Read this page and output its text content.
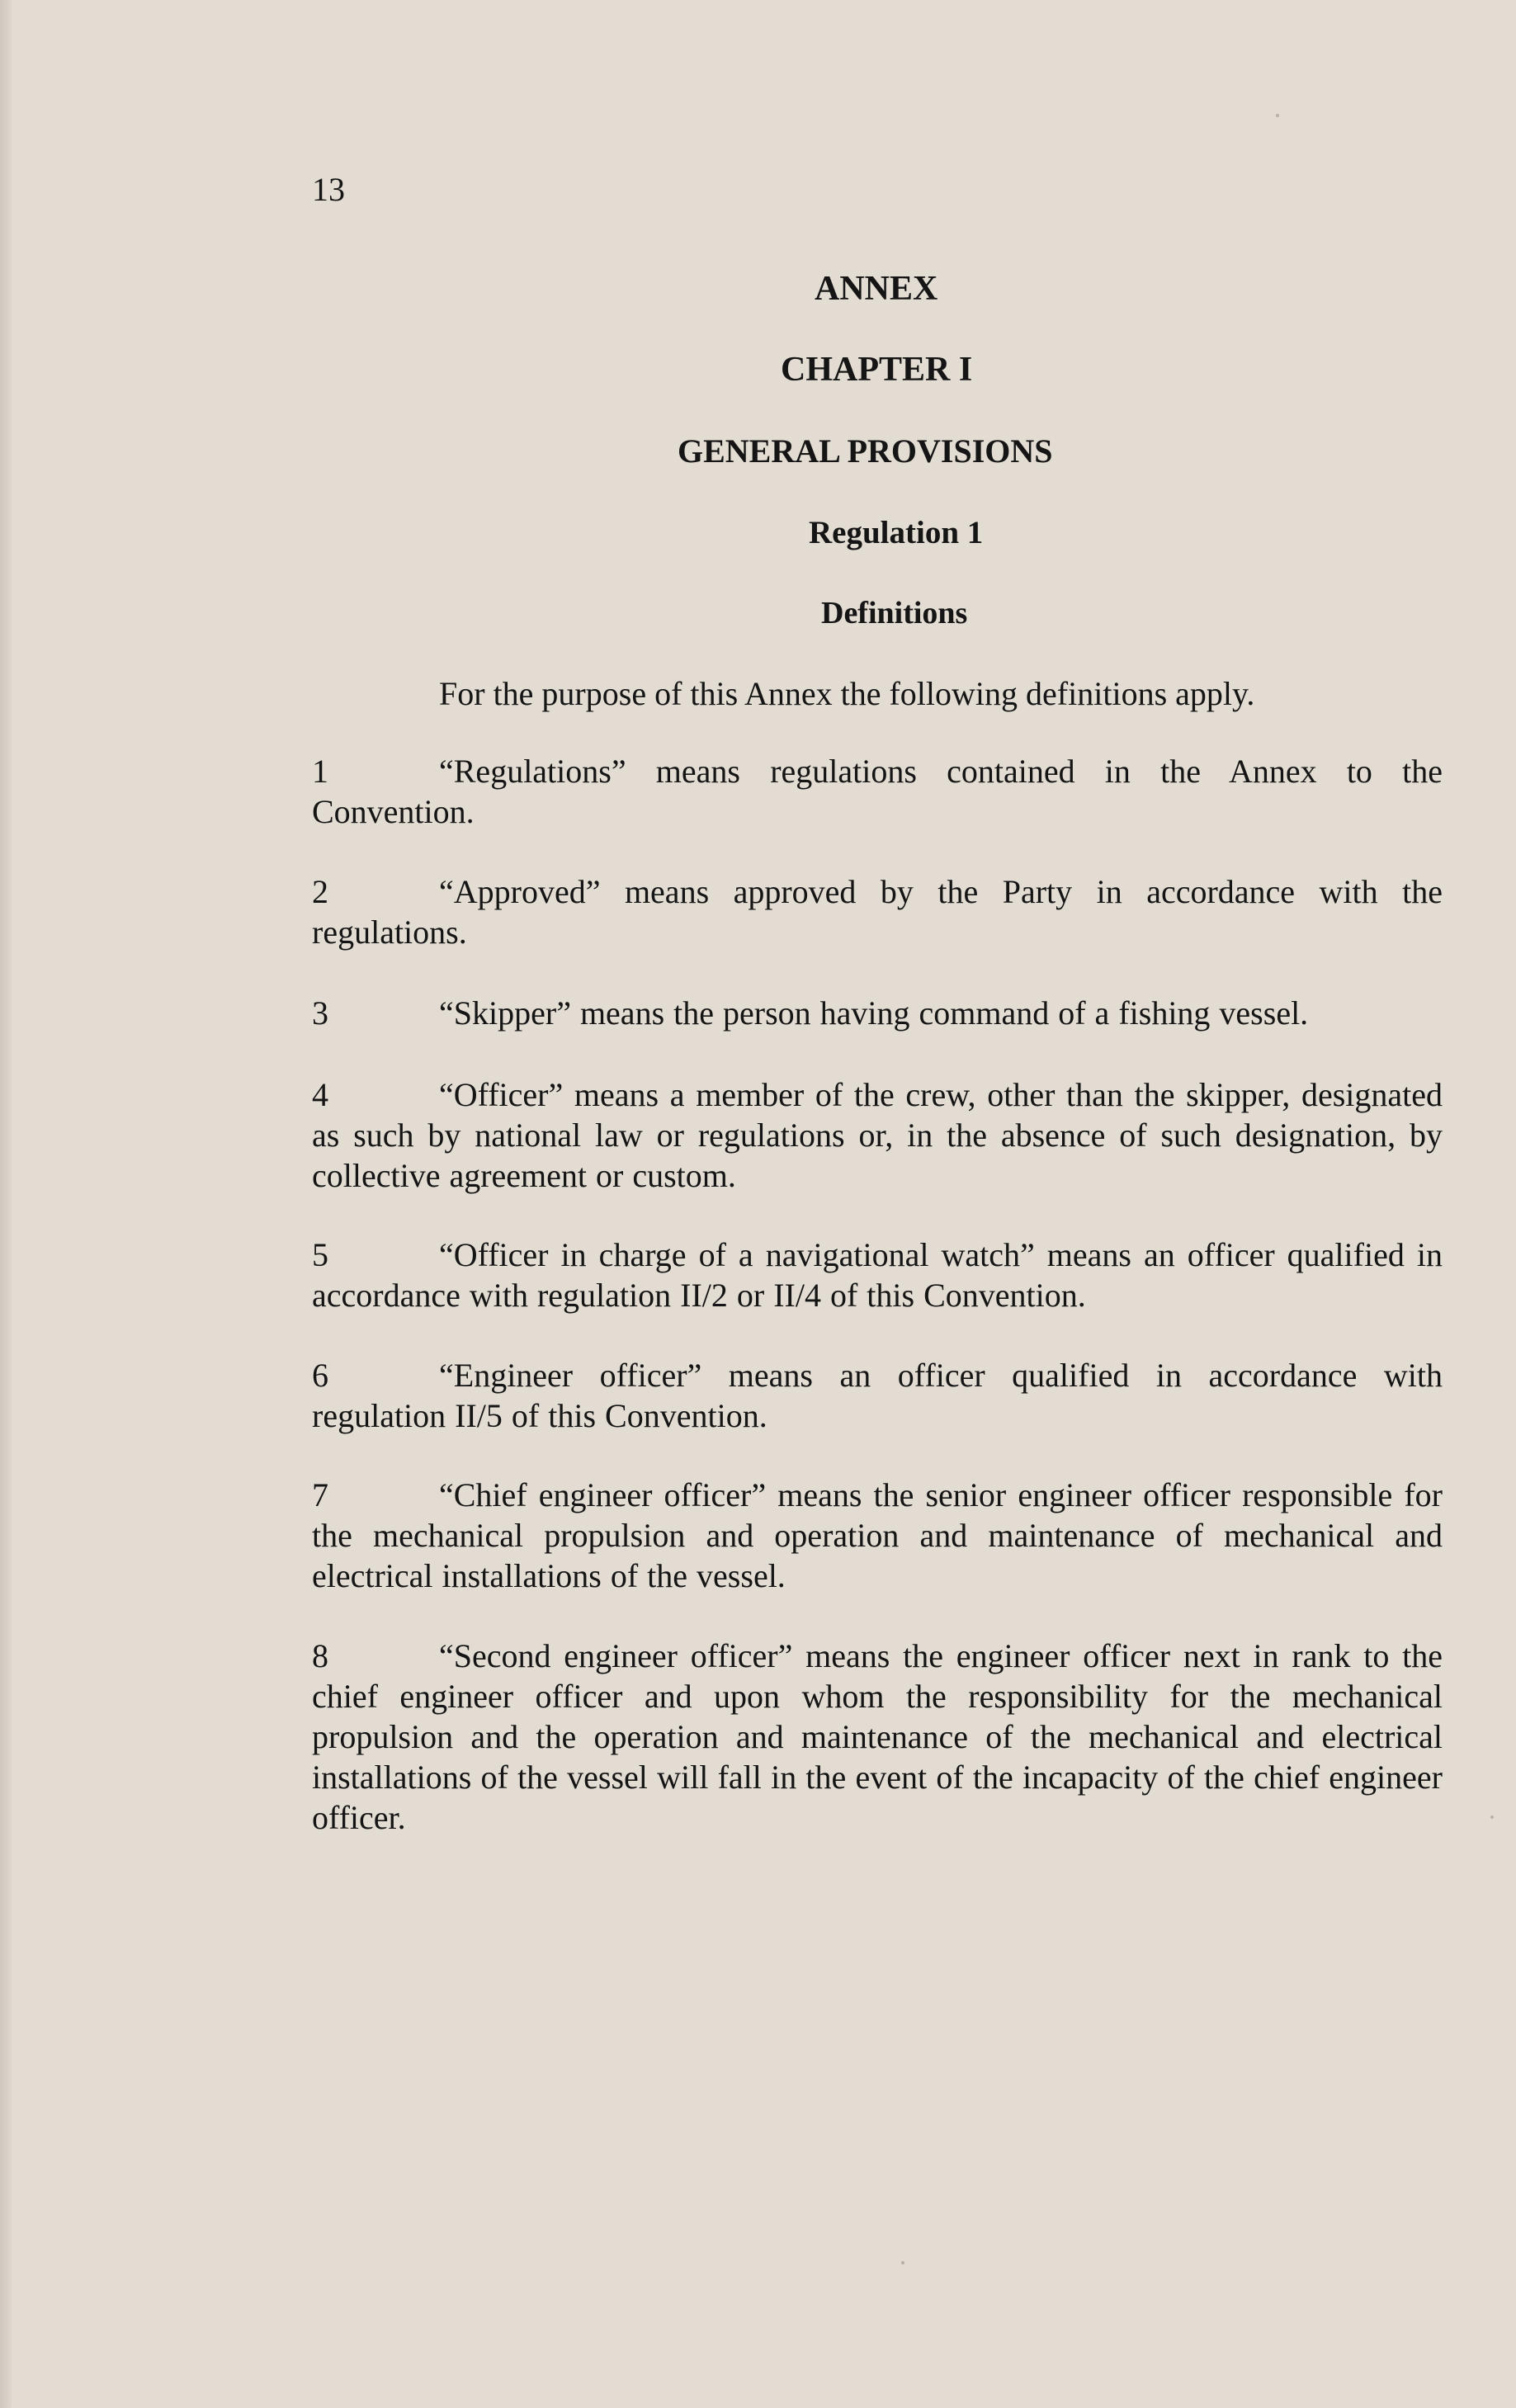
13
ANNEX
CHAPTER I
GENERAL PROVISIONS
Regulation 1
Definitions
For the purpose of this Annex the following definitions apply.
1	“Regulations” means regulations contained in the Annex to the Convention.
2	“Approved” means approved by the Party in accordance with the regulations.
3	“Skipper” means the person having command of a fishing vessel.
4	“Officer” means a member of the crew, other than the skipper, designated as such by national law or regulations or, in the absence of such designation, by collective agreement or custom.
5	“Officer in charge of a navigational watch” means an officer qualified in accordance with regulation II/2 or II/4 of this Convention.
6	“Engineer officer” means an officer qualified in accordance with regulation II/5 of this Convention.
7	“Chief engineer officer” means the senior engineer officer responsible for the mechanical propulsion and operation and maintenance of mechanical and electrical installations of the vessel.
8	“Second engineer officer” means the engineer officer next in rank to the chief engineer officer and upon whom the responsibility for the mechanical propulsion and the operation and maintenance of the mechanical and electrical installations of the vessel will fall in the event of the incapacity of the chief engineer officer.
